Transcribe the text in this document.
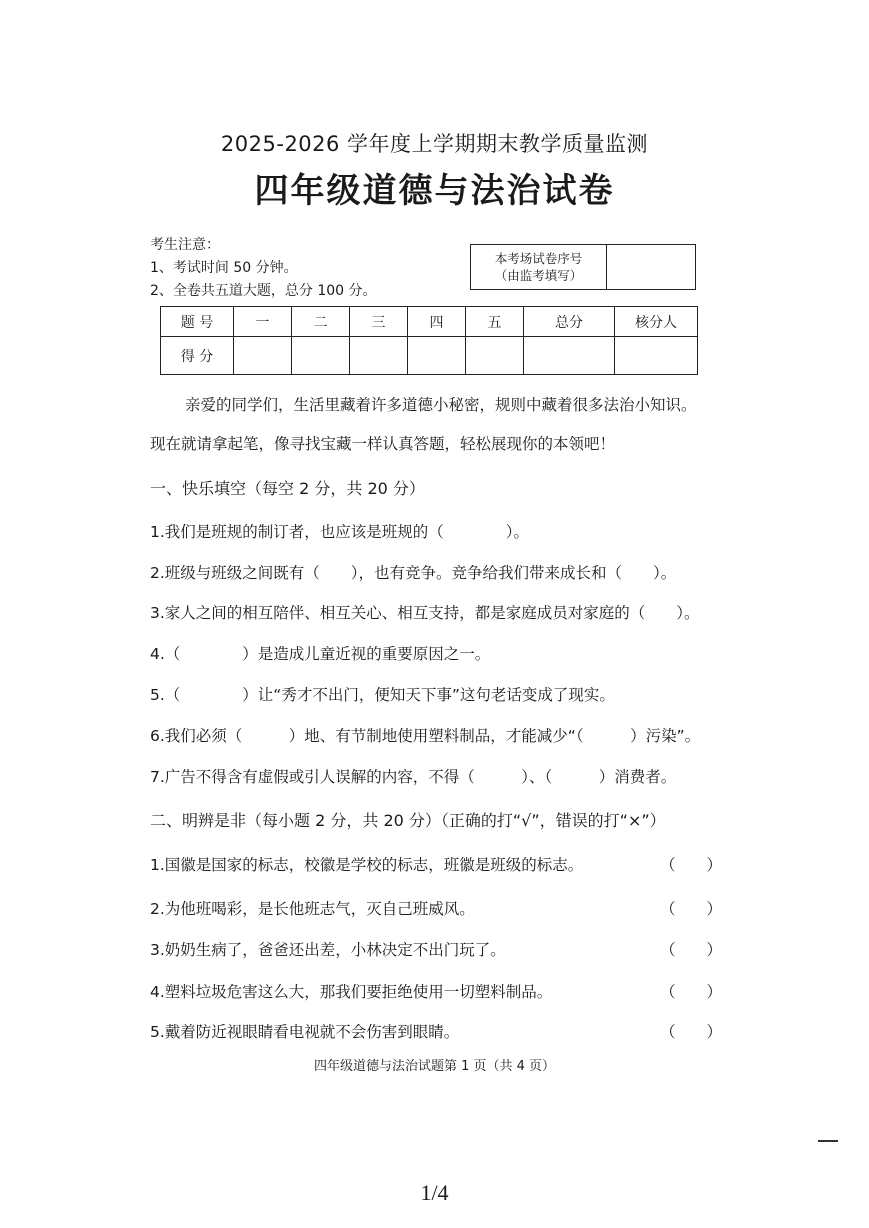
2025-2026 学年度上学期期末教学质量监测
四年级道德与法治试卷
考生注意：
1、考试时间 50 分钟。
2、全卷共五道大题，总分 100 分。
本考场试卷序号
（由监考填写）
题 号	一	二	三	四	五	总分	核分人
得 分							
亲爱的同学们，生活里藏着许多道德小秘密，规则中藏着很多法治小知识。
现在就请拿起笔，像寻找宝藏一样认真答题，轻松展现你的本领吧！
一、快乐填空（每空 2 分，共 20 分）
1.我们是班规的制订者，也应该是班规的（　　　　）。
2.班级与班级之间既有（　　），也有竞争。竞争给我们带来成长和（　　）。
3.家人之间的相互陪伴、相互关心、相互支持，都是家庭成员对家庭的（　　）。
4.（　　　　）是造成儿童近视的重要原因之一。
5.（　　　　）让“秀才不出门，便知天下事”这句老话变成了现实。
6.我们必须（　　　）地、有节制地使用塑料制品，才能减少“（　　　）污染”。
7.广告不得含有虚假或引人误解的内容，不得（　　　）、（　　　）消费者。
二、明辨是非（每小题 2 分，共 20 分）（正确的打“√”，错误的打“×”）
1.国徽是国家的标志，校徽是学校的标志，班徽是班级的标志。	（　　）
2.为他班喝彩，是长他班志气，灭自己班威风。	（　　）
3.奶奶生病了，爸爸还出差，小林决定不出门玩了。	（　　）
4.塑料垃圾危害这么大，那我们要拒绝使用一切塑料制品。	（　　）
5.戴着防近视眼睛看电视就不会伤害到眼睛。	（　　）
四年级道德与法治试题第 1 页（共 4 页）
1/4
